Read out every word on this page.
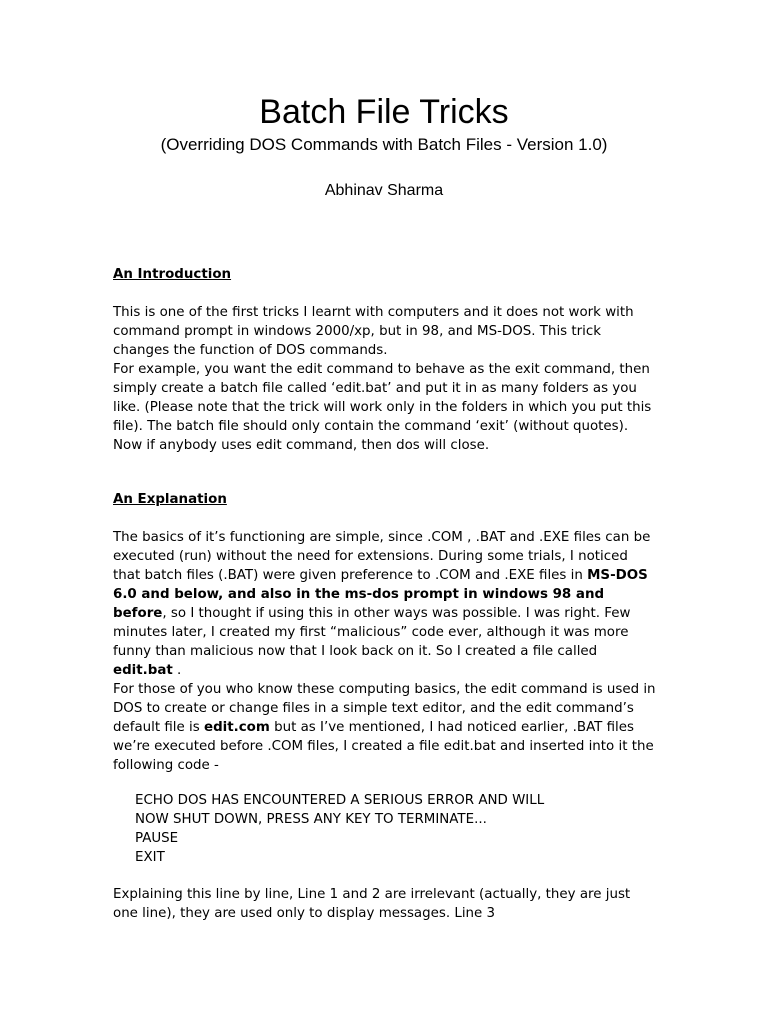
Batch File Tricks
(Overriding DOS Commands with Batch Files - Version 1.0)
Abhinav Sharma
An Introduction

This is one of the first tricks I learnt with computers and it does not work with command prompt in windows 2000/xp, but in 98, and MS-DOS. This trick changes the function of DOS commands.

For example, you want the edit command to behave as the exit command, then simply create a batch file called ‘edit.bat’ and put it in as many folders as you like. (Please note that the trick will work only in the folders in which you put this file). The batch file should only contain the command ‘exit’ (without quotes). Now if anybody uses edit command, then dos will close.

An Explanation

The basics of it’s functioning are simple, since .COM , .BAT and .EXE files can be executed (run) without the need for extensions. During some trials, I noticed that batch files (.BAT) were given preference to .COM and .EXE files in MS-DOS 6.0 and below, and also in the ms-dos prompt in windows 98 and before, so I thought if using this in other ways was possible. I was right. Few minutes later, I created my first “malicious” code ever, although it was more funny than malicious now that I look back on it. So I created a file called edit.bat .

For those of you who know these computing basics, the edit command is used in DOS to create or change files in a simple text editor, and the edit command’s default file is edit.com but as I’ve mentioned, I had noticed earlier, .BAT files we’re executed before .COM files, I created a file edit.bat and inserted into it the following code -

ECHO DOS HAS ENCOUNTERED A SERIOUS ERROR AND WILL
NOW SHUT DOWN, PRESS ANY KEY TO TERMINATE...
PAUSE
EXIT

Explaining this line by line, Line 1 and 2 are irrelevant (actually, they are just one line), they are used only to display messages. Line 3
